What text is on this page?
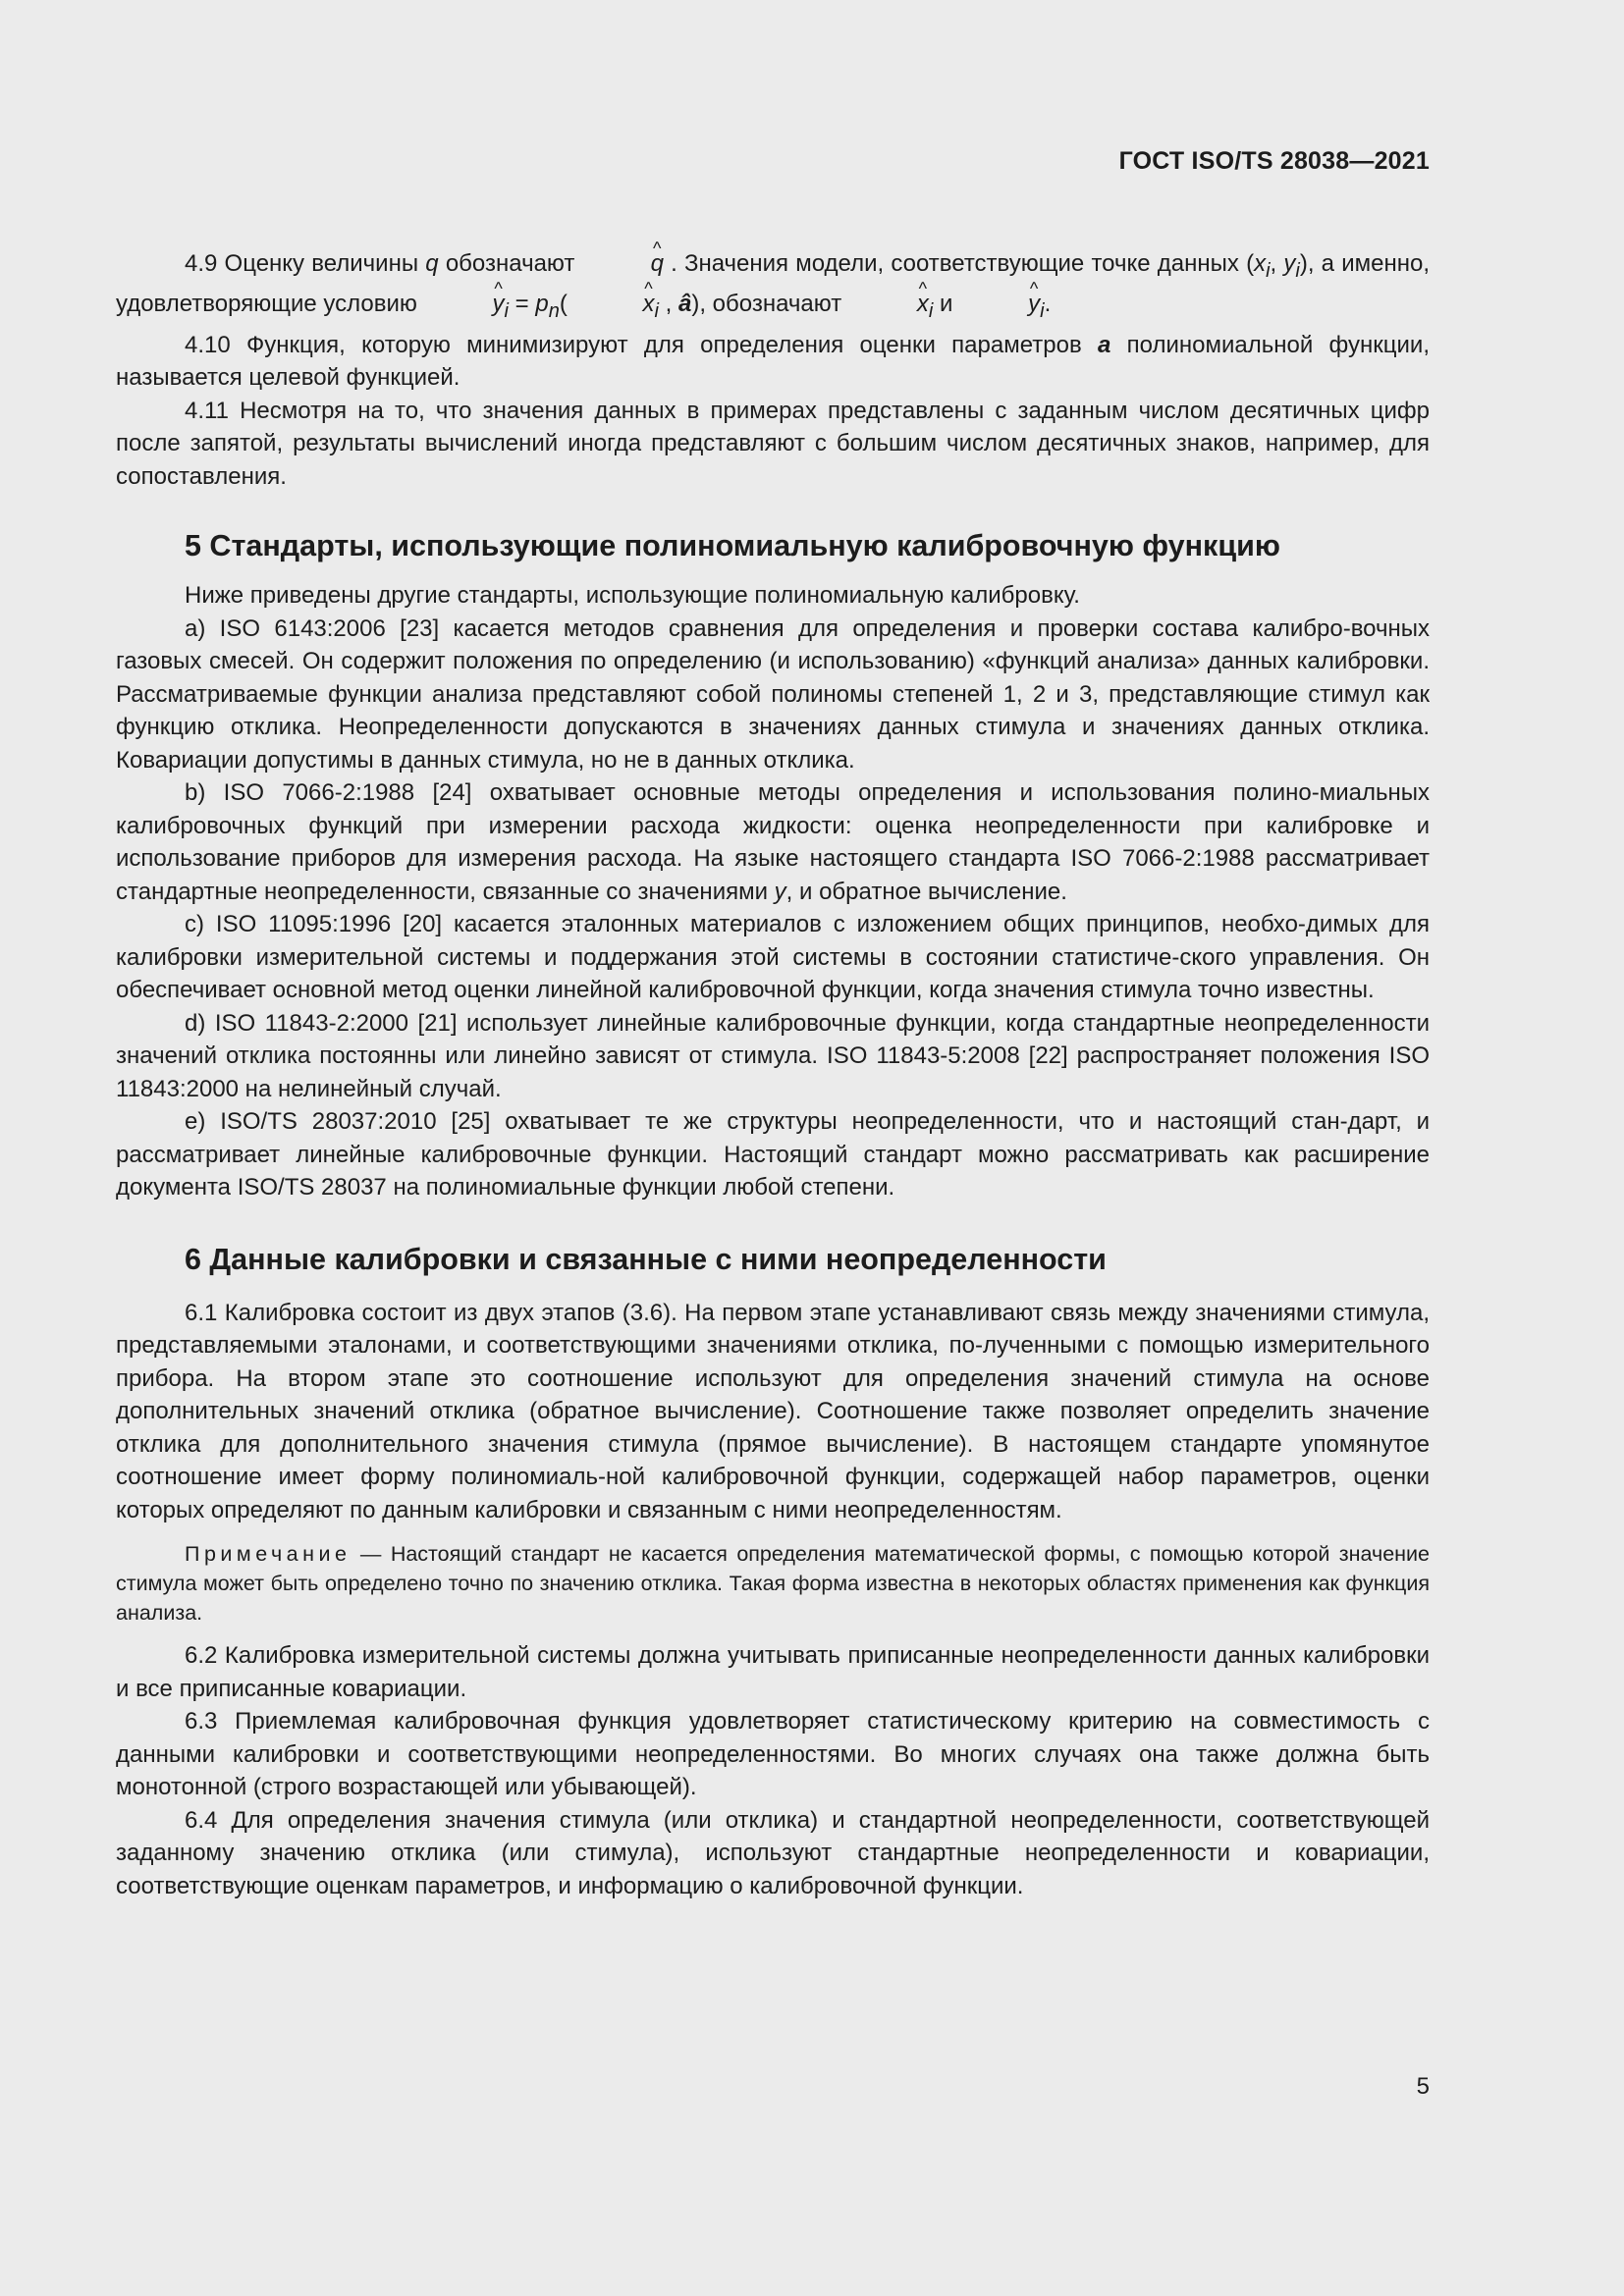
ГОСТ ISO/TS 28038—2021

4.9 Оценку величины q обозначают	^ q . Значения модели, соответствующие точке данных ($x_i$, $y_i$), а именно, удовлетворяющие условию	^ $y_i = p_n$(	^ $x_i$ , â), обозначают	^ $x_i$ и	^ $y_i$.

4.10 Функция, которую минимизируют для определения оценки параметров a полиномиальной функции, называется целевой функцией.

4.11 Несмотря на то, что значения данных в примерах представлены с заданным числом десятичных цифр после запятой, результаты вычислений иногда представляют с большим числом десятичных знаков, например, для сопоставления.

5 Стандарты, использующие полиномиальную калибровочную функцию

Ниже приведены другие стандарты, использующие полиномиальную калибровку.

a) ISO 6143:2006 [23] касается методов сравнения для определения и проверки состава калибро-вочных газовых смесей. Он содержит положения по определению (и использованию) «функций анализа» данных калибровки. Рассматриваемые функции анализа представляют собой полиномы степеней 1, 2 и 3, представляющие стимул как функцию отклика. Неопределенности допускаются в значениях данных стимула и значениях данных отклика. Ковариации допустимы в данных стимула, но не в данных отклика.

b) ISO 7066-2:1988 [24] охватывает основные методы определения и использования полино-миальных калибровочных функций при измерении расхода жидкости: оценка неопределенности при калибровке и использование приборов для измерения расхода. На языке настоящего стандарта ISO 7066-2:1988 рассматривает стандартные неопределенности, связанные со значениями y, и обратное вычисление.

c) ISO 11095:1996 [20] касается эталонных материалов с изложением общих принципов, необхо-димых для калибровки измерительной системы и поддержания этой системы в состоянии статистиче-ского управления. Он обеспечивает основной метод оценки линейной калибровочной функции, когда значения стимула точно известны.

d) ISO 11843-2:2000 [21] использует линейные калибровочные функции, когда стандартные неопределенности значений отклика постоянны или линейно зависят от стимула. ISO 11843-5:2008 [22] распространяет положения ISO 11843:2000 на нелинейный случай.

e) ISO/TS 28037:2010 [25] охватывает те же структуры неопределенности, что и настоящий стан-дарт, и рассматривает линейные калибровочные функции. Настоящий стандарт можно рассматривать как расширение документа ISO/TS 28037 на полиномиальные функции любой степени.

6 Данные калибровки и связанные с ними неопределенности

6.1 Калибровка состоит из двух этапов (3.6). На первом этапе устанавливают связь между значениями стимула, представляемыми эталонами, и соответствующими значениями отклика, по-лученными с помощью измерительного прибора. На втором этапе это соотношение используют для определения значений стимула на основе дополнительных значений отклика (обратное вычисление). Соотношение также позволяет определить значение отклика для дополнительного значения стимула (прямое вычисление). В настоящем стандарте упомянутое соотношение имеет форму полиномиаль-ной калибровочной функции, содержащей набор параметров, оценки которых определяют по данным калибровки и связанным с ними неопределенностям.

Примечание — Настоящий стандарт не касается определения математической формы, с помощью которой значение стимула может быть определено точно по значению отклика. Такая форма известна в некоторых областях применения как функция анализа.

6.2 Калибровка измерительной системы должна учитывать приписанные неопределенности данных калибровки и все приписанные ковариации.

6.3 Приемлемая калибровочная функция удовлетворяет статистическому критерию на совместимость с данными калибровки и соответствующими неопределенностями. Во многих случаях она также должна быть монотонной (строго возрастающей или убывающей).

6.4 Для определения значения стимула (или отклика) и стандартной неопределенности, соответствующей заданному значению отклика (или стимула), используют стандартные неопределенности и ковариации, соответствующие оценкам параметров, и информацию о калибровочной функции.

5
